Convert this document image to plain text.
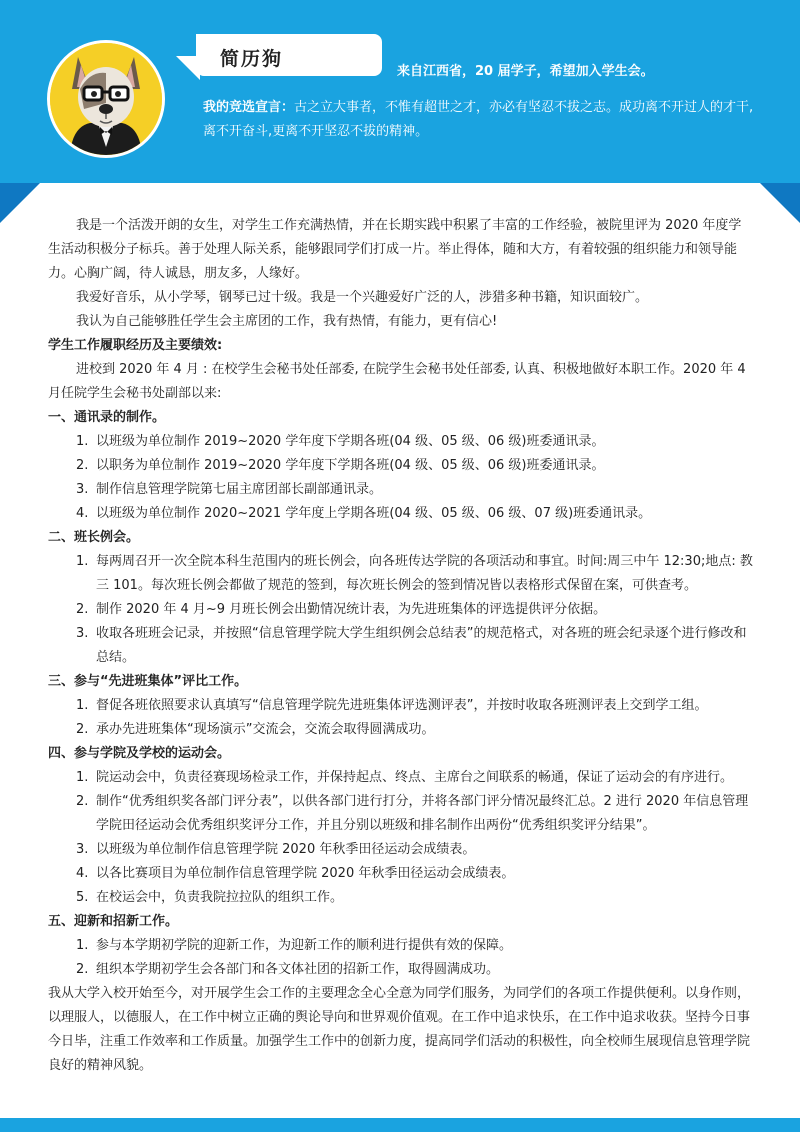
简历狗
来自江西省，20 届学子，希望加入学生会。
我的竞选宣言：古之立大事者，不惟有超世之才，亦必有坚忍不拔之志。成功离不开过人的才干,离不开奋斗,更离不开坚忍不拔的精神。

我是一个活泼开朗的女生，对学生工作充满热情，并在长期实践中积累了丰富的工作经验，被院里评为 2020 年度学生活动积极分子标兵。善于处理人际关系，能够跟同学们打成一片。举止得体，随和大方，有着较强的组织能力和领导能力。心胸广阔，待人诚恳，朋友多，人缘好。

我爱好音乐，从小学琴，钢琴已过十级。我是一个兴趣爱好广泛的人，涉猎多种书籍，知识面较广。

我认为自己能够胜任学生会主席团的工作，我有热情，有能力，更有信心!

学生工作履职经历及主要绩效:

进校到 2020 年 4 月 : 在校学生会秘书处任部委, 在院学生会秘书处任部委, 认真、积极地做好本职工作。2020 年 4 月任院学生会秘书处副部以来:

一、通讯录的制作。

1. 以班级为单位制作 2019~2020 学年度下学期各班(04 级、05 级、06 级)班委通讯录。
2. 以职务为单位制作 2019~2020 学年度下学期各班(04 级、05 级、06 级)班委通讯录。
3. 制作信息管理学院第七届主席团部长副部通讯录。
4. 以班级为单位制作 2020~2021 学年度上学期各班(04 级、05 级、06 级、07 级)班委通讯录。

二、班长例会。

1. 每两周召开一次全院本科生范围内的班长例会，向各班传达学院的各项活动和事宜。时间:周三中午 12:30;地点: 教三 101。每次班长例会都做了规范的签到，每次班长例会的签到情况皆以表格形式保留在案，可供查考。
2. 制作 2020 年 4 月~9 月班长例会出勤情况统计表，为先进班集体的评选提供评分依据。
3. 收取各班班会记录，并按照“信息管理学院大学生组织例会总结表”的规范格式，对各班的班会纪录逐个进行修改和总结。

三、参与“先进班集体”评比工作。

1. 督促各班依照要求认真填写“信息管理学院先进班集体评选测评表”，并按时收取各班测评表上交到学工组。
2. 承办先进班集体“现场演示”交流会，交流会取得圆满成功。

四、参与学院及学校的运动会。

1. 院运动会中，负责径赛现场检录工作，并保持起点、终点、主席台之间联系的畅通，保证了运动会的有序进行。
2. 制作“优秀组织奖各部门评分表”，以供各部门进行打分，并将各部门评分情况最终汇总。2 进行 2020 年信息管理学院田径运动会优秀组织奖评分工作，并且分别以班级和排名制作出两份“优秀组织奖评分结果”。
3. 以班级为单位制作信息管理学院 2020 年秋季田径运动会成绩表。
4. 以各比赛项目为单位制作信息管理学院 2020 年秋季田径运动会成绩表。
5. 在校运会中，负责我院拉拉队的组织工作。

五、迎新和招新工作。

1. 参与本学期初学院的迎新工作，为迎新工作的顺利进行提供有效的保障。
2. 组织本学期初学生会各部门和各文体社团的招新工作，取得圆满成功。

我从大学入校开始至今，对开展学生会工作的主要理念全心全意为同学们服务，为同学们的各项工作提供便利。以身作则，以理服人，以德服人，在工作中树立正确的舆论导向和世界观价值观。在工作中追求快乐，在工作中追求收获。坚持今日事今日毕，注重工作效率和工作质量。加强学生工作中的创新力度，提高同学们活动的积极性，向全校师生展现信息管理学院良好的精神风貌。
